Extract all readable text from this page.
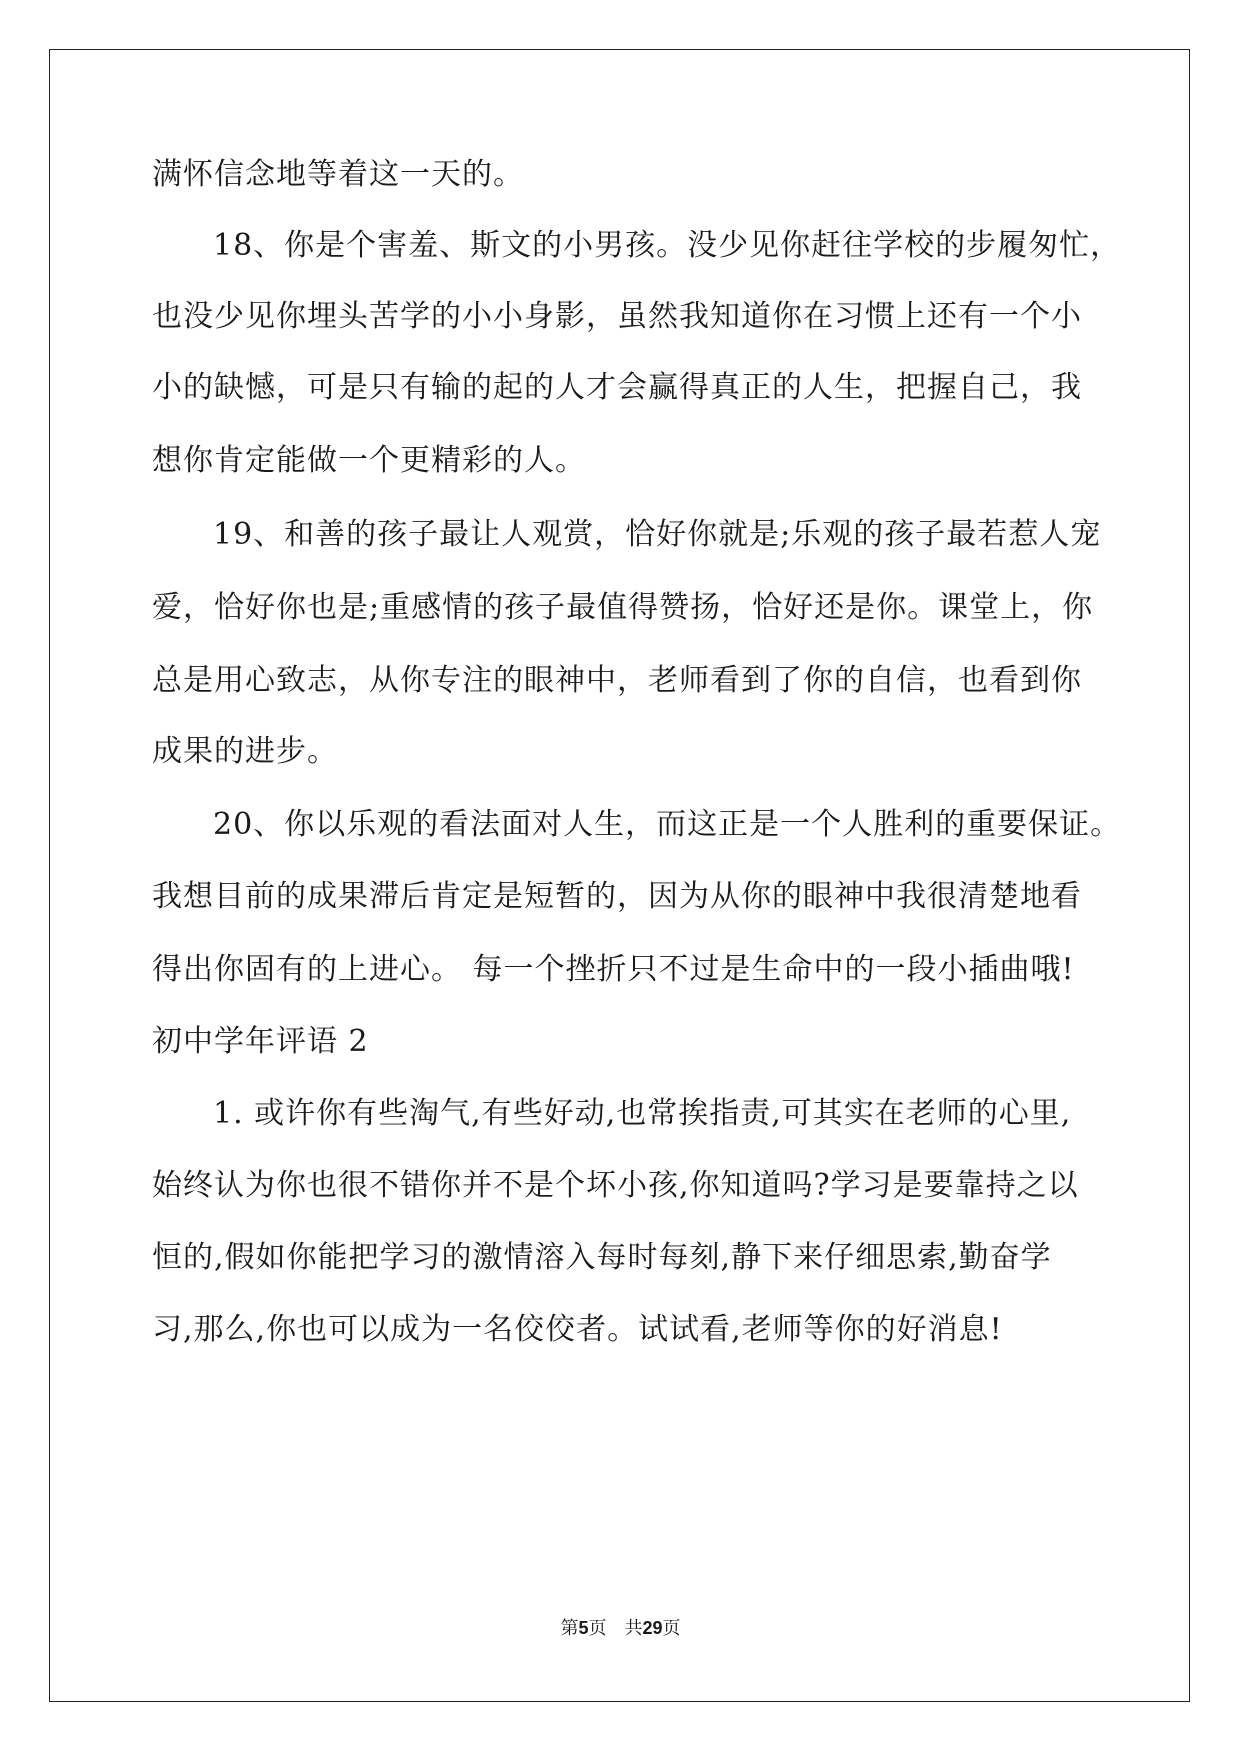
满怀信念地等着这一天的。
18、你是个害羞、斯文的小男孩。没少见你赶往学校的步履匆忙，
也没少见你埋头苦学的小小身影，虽然我知道你在习惯上还有一个小
小的缺憾，可是只有输的起的人才会赢得真正的人生，把握自己，我
想你肯定能做一个更精彩的人。
19、和善的孩子最让人观赏，恰好你就是;乐观的孩子最若惹人宠
爱，恰好你也是;重感情的孩子最值得赞扬，恰好还是你。课堂上，你
总是用心致志，从你专注的眼神中，老师看到了你的自信，也看到你
成果的进步。
20、你以乐观的看法面对人生，而这正是一个人胜利的重要保证。
我想目前的成果滞后肯定是短暂的，因为从你的眼神中我很清楚地看
得出你固有的上进心。 每一个挫折只不过是生命中的一段小插曲哦!
初中学年评语 2
1. 或许你有些淘气,有些好动,也常挨指责,可其实在老师的心里,
始终认为你也很不错你并不是个坏小孩,你知道吗?学习是要靠持之以
恒的,假如你能把学习的激情溶入每时每刻,静下来仔细思索,勤奋学
习,那么,你也可以成为一名佼佼者。试试看,老师等你的好消息!
第5页 共29页
